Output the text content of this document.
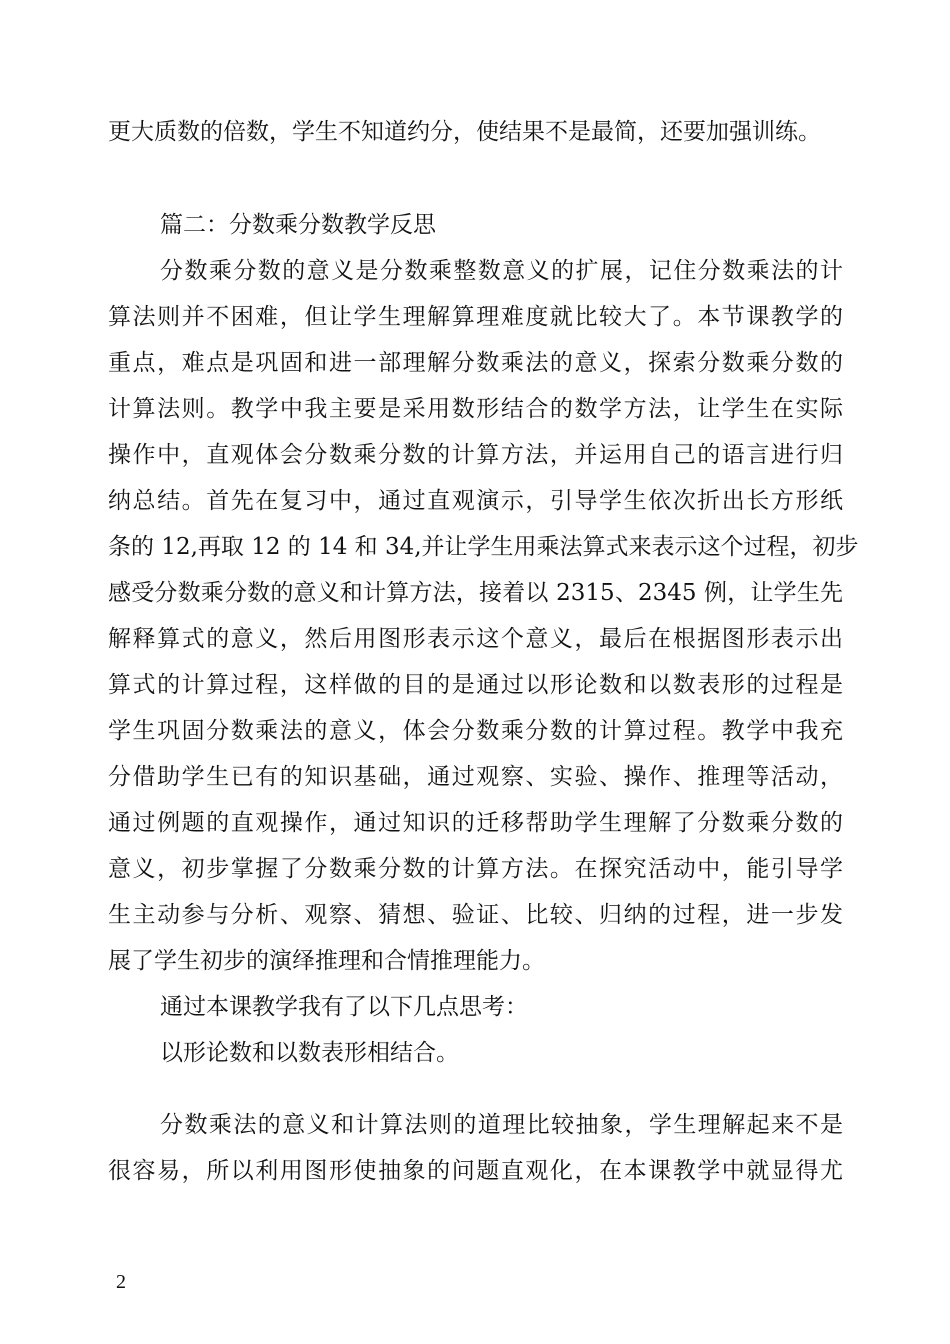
更大质数的倍数，学生不知道约分，使结果不是最简，还要加强训练。
篇二：分数乘分数教学反思
分数乘分数的意义是分数乘整数意义的扩展，记住分数乘法的计
算法则并不困难，但让学生理解算理难度就比较大了。本节课教学的
重点，难点是巩固和进一部理解分数乘法的意义，探索分数乘分数的
计算法则。教学中我主要是采用数形结合的数学方法，让学生在实际
操作中，直观体会分数乘分数的计算方法，并运用自己的语言进行归
纳总结。首先在复习中，通过直观演示，引导学生依次折出长方形纸
条的 12,再取 12 的 14 和 34,并让学生用乘法算式来表示这个过程，初步
感受分数乘分数的意义和计算方法，接着以 2315、2345 例，让学生先
解释算式的意义，然后用图形表示这个意义，最后在根据图形表示出
算式的计算过程，这样做的目的是通过以形论数和以数表形的过程是
学生巩固分数乘法的意义，体会分数乘分数的计算过程。教学中我充
分借助学生已有的知识基础，通过观察、实验、操作、推理等活动，
通过例题的直观操作，通过知识的迁移帮助学生理解了分数乘分数的
意义，初步掌握了分数乘分数的计算方法。在探究活动中，能引导学
生主动参与分析、观察、猜想、验证、比较、归纳的过程，进一步发
展了学生初步的演绎推理和合情推理能力。
通过本课教学我有了以下几点思考：
以形论数和以数表形相结合。
分数乘法的意义和计算法则的道理比较抽象，学生理解起来不是
很容易，所以利用图形使抽象的问题直观化，在本课教学中就显得尤
2
